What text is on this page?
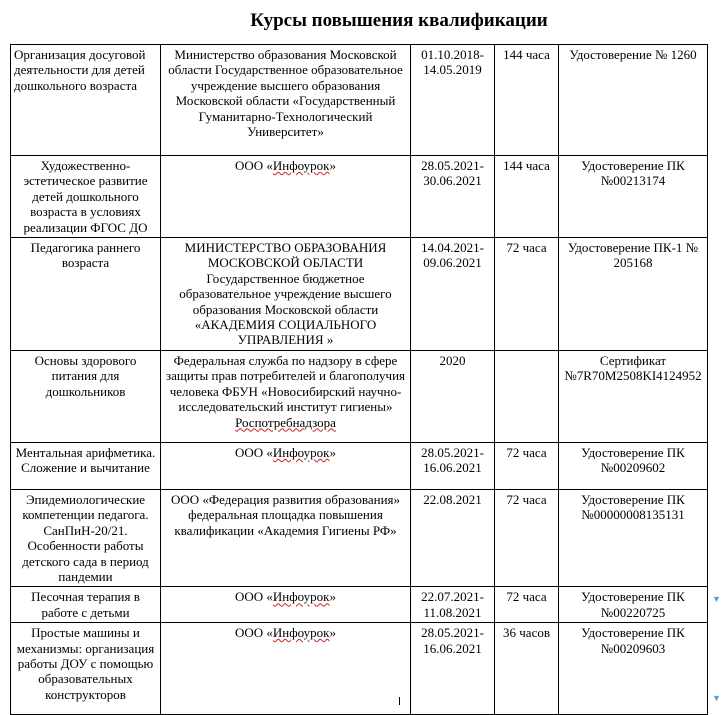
Курсы повышения квалификации
Организация досуговой деятельности для детей дошкольного возраста	Министерство образования Московской области Государственное образовательное учреждение высшего образования Московской области «Государственный Гуманитарно-Технологический Университет»	01.10.2018-14.05.2019	144 часа	Удостоверение № 1260
Художественно-эстетическое развитие детей дошкольного возраста в условиях реализации ФГОС ДО	ООО «Инфоурок»	28.05.2021-30.06.2021	144 часа	Удостоверение ПК №00213174
Педагогика раннего возраста	МИНИСТЕРСТВО ОБРАЗОВАНИЯ МОСКОВСКОЙ ОБЛАСТИ Государственное бюджетное образовательное учреждение высшего образования Московской области «АКАДЕМИЯ СОЦИАЛЬНОГО УПРАВЛЕНИЯ »	14.04.2021-09.06.2021	72 часа	Удостоверение ПК-1 № 205168
Основы здорового питания для дошкольников	Федеральная служба по надзору в сфере защиты прав потребителей и благополучия человека ФБУН «Новосибирский научно-исследовательский институт гигиены» Роспотребнадзора	2020		Сертификат №7R70M2508KI4124952
Ментальная арифметика. Сложение и вычитание	ООО «Инфоурок»	28.05.2021-16.06.2021	72 часа	Удостоверение ПК №00209602
Эпидемиологические компетенции педагога. СанПиН-20/21. Особенности работы детского сада в период пандемии	ООО «Федерация развития образования» федеральная площадка повышения квалификации «Академия Гигиены РФ»	22.08.2021	72 часа	Удостоверение ПК №00000008135131
Песочная терапия в работе с детьми	ООО «Инфоурок»	22.07.2021-11.08.2021	72 часа	Удостоверение ПК №00220725
Простые машины и механизмы: организация работы ДОУ с помощью образовательных конструкторов	ООО «Инфоурок»	28.05.2021-16.06.2021	36 часов	Удостоверение ПК №00209603
▼
▼
